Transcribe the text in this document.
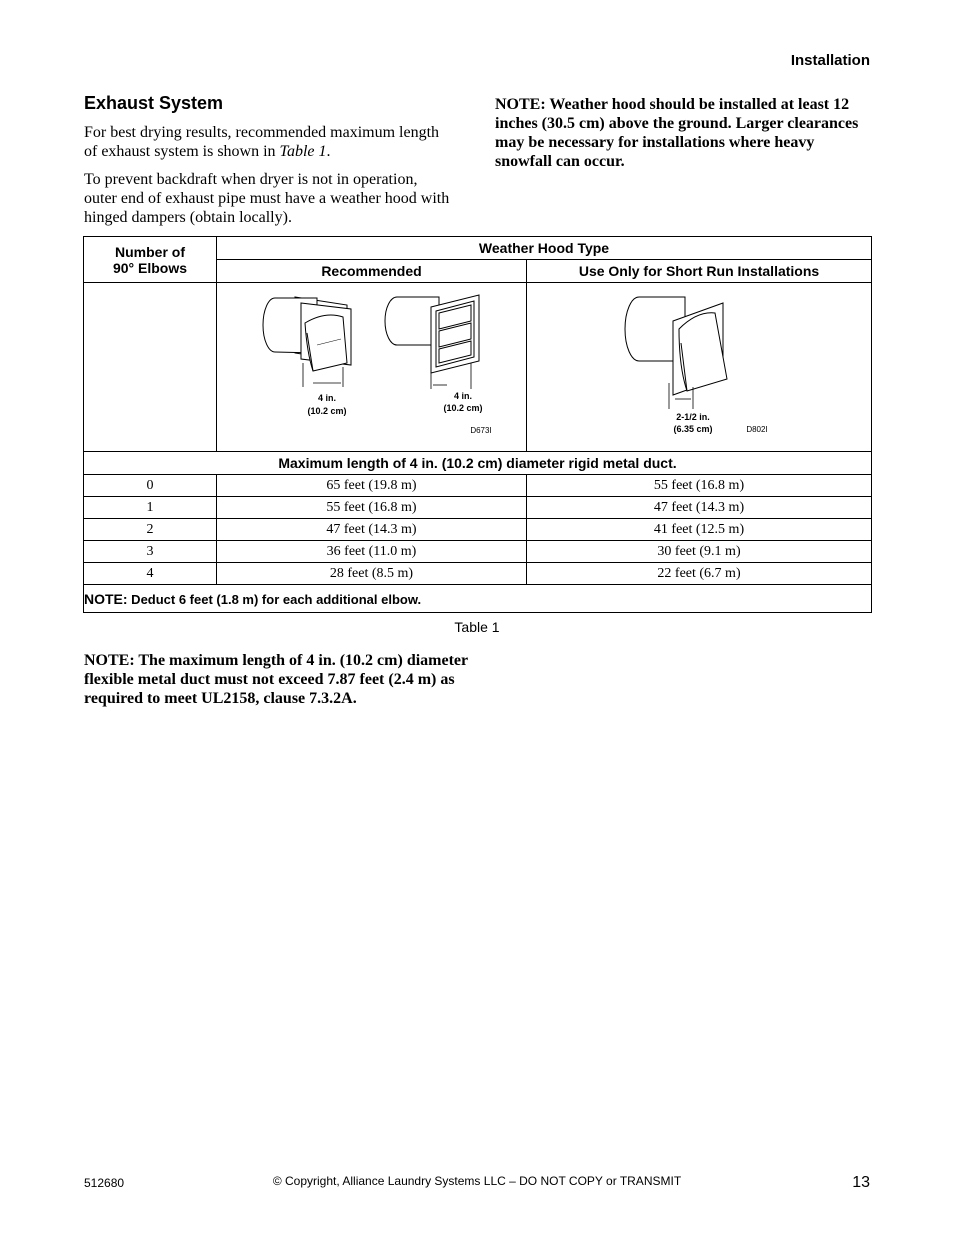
Installation
Exhaust System
For best drying results, recommended maximum length of exhaust system is shown in Table 1.
To prevent backdraft when dryer is not in operation, outer end of exhaust pipe must have a weather hood with hinged dampers (obtain locally).
NOTE: Weather hood should be installed at least 12 inches (30.5 cm) above the ground. Larger clearances may be necessary for installations where heavy snowfall can occur.
Number of 90° Elbows	Weather Hood Type	
	Recommended	Use Only for Short Run Installations

4 in.
(10.2 cm)
4 in.
(10.2 cm)
D673I	2-1/2 in.
(6.35 cm) D802I

Maximum length of 4 in. (10.2 cm) diameter rigid metal duct.		
0	65 feet (19.8 m)	55 feet (16.8 m)
1	55 feet (16.8 m)	47 feet (14.3 m)
2	47 feet (14.3 m)	41 feet (12.5 m)
3	36 feet (11.0 m)	30 feet (9.1 m)
4	28 feet (8.5 m)	22 feet (6.7 m)
NOTE: Deduct 6 feet (1.8 m) for each additional elbow.		
Table 1
NOTE: The maximum length of 4 in. (10.2 cm) diameter flexible metal duct must not exceed 7.87 feet (2.4 m) as required to meet UL2158, clause 7.3.2A.
512680	© Copyright, Alliance Laundry Systems LLC – DO NOT COPY or TRANSMIT	13
